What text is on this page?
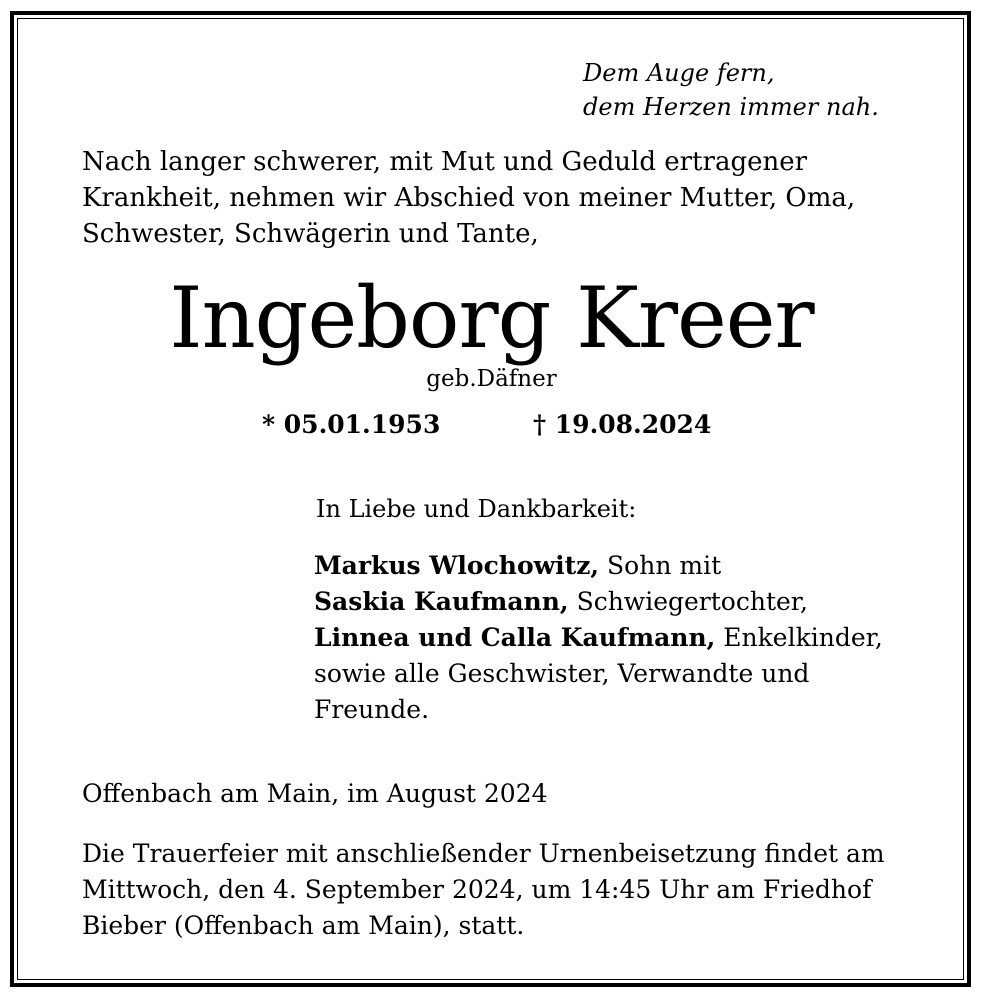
Dem Auge fern,
dem Herzen immer nah.
Nach langer schwerer, mit Mut und Geduld ertragener
Krankheit, nehmen wir Abschied von meiner Mutter, Oma,
Schwester, Schwägerin und Tante,
Ingeborg Kreer
geb.Däfner
* 05.01.1953	† 19.08.2024
In Liebe und Dankbarkeit:
Markus Wlochowitz, Sohn mit
Saskia Kaufmann, Schwiegertochter,
Linnea und Calla Kaufmann, Enkelkinder,
sowie alle Geschwister, Verwandte und
Freunde.
Offenbach am Main, im August 2024
Die Trauerfeier mit anschließender Urnenbeisetzung findet am
Mittwoch, den 4. September 2024, um 14:45 Uhr am Friedhof
Bieber (Offenbach am Main), statt.
